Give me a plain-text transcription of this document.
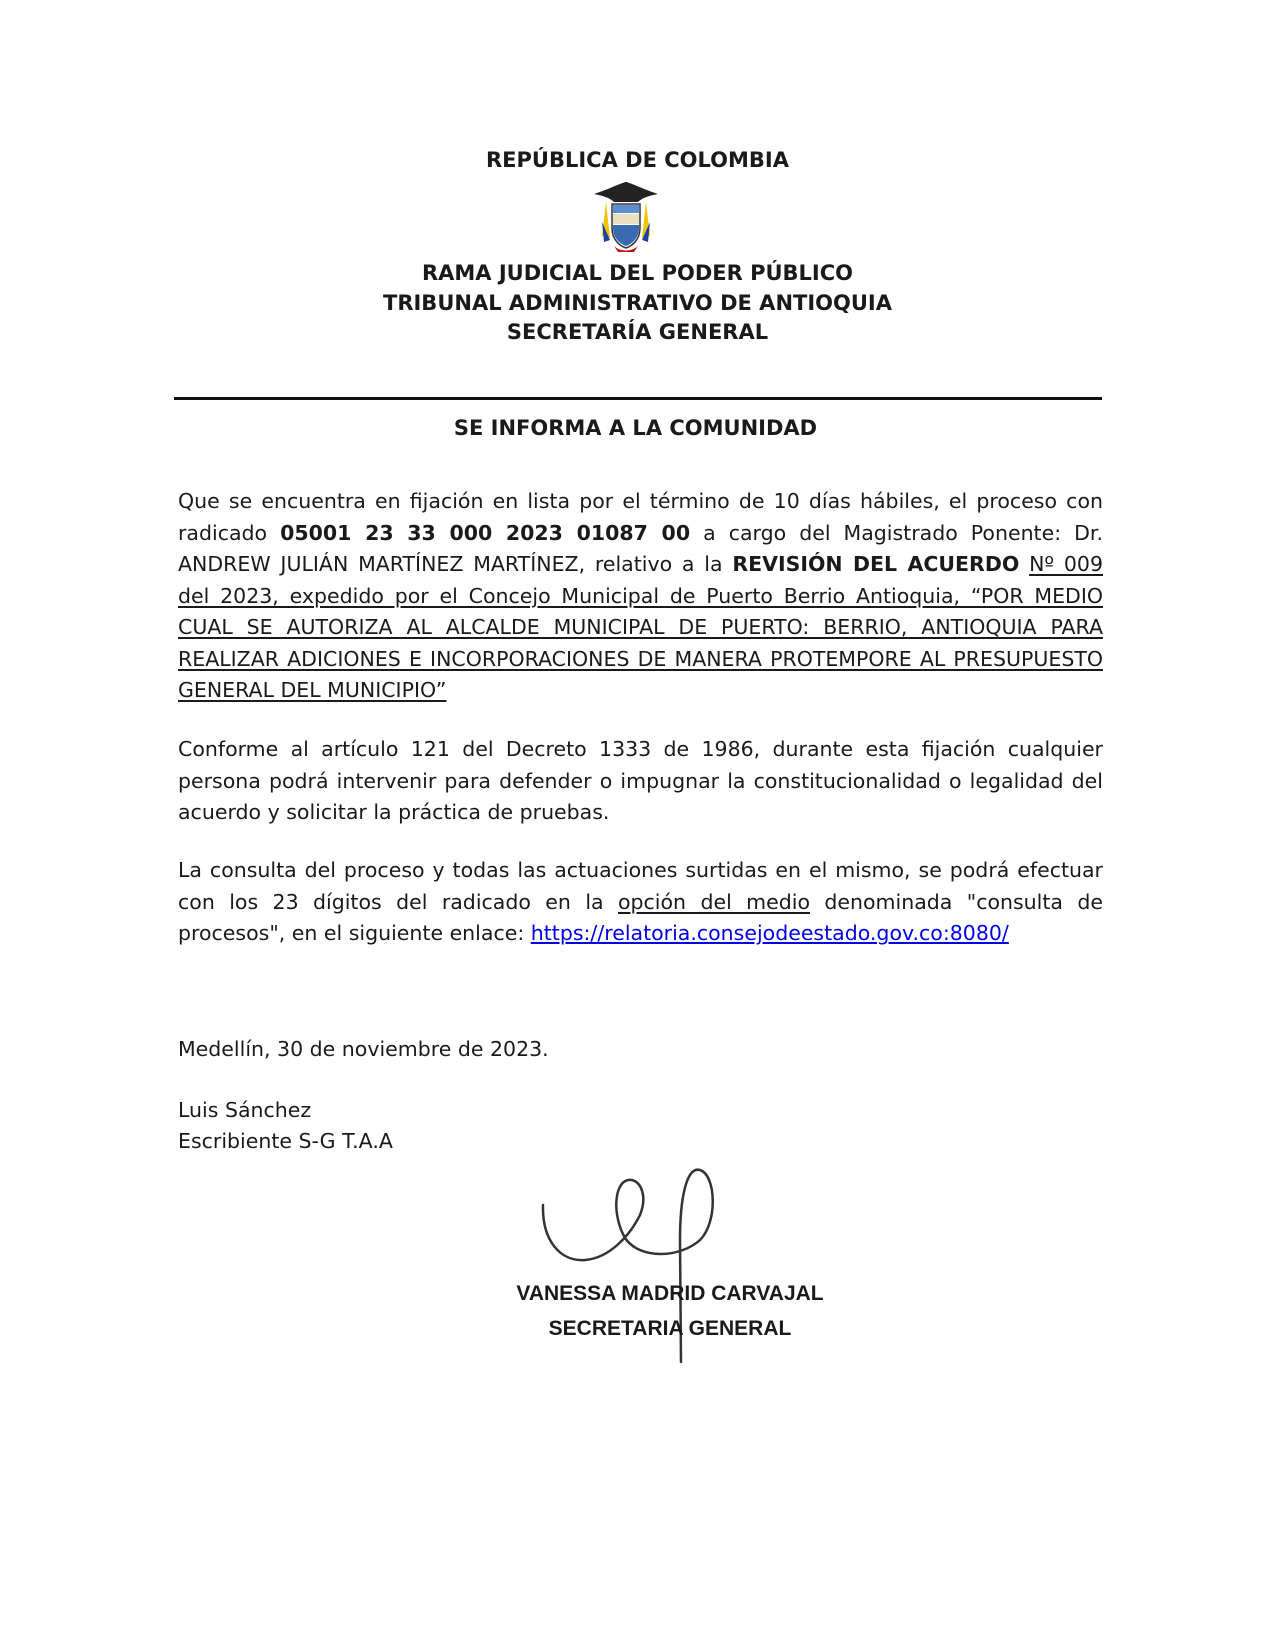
REPÚBLICA DE COLOMBIA
RAMA JUDICIAL DEL PODER PÚBLICO
TRIBUNAL ADMINISTRATIVO DE ANTIOQUIA
SECRETARÍA GENERAL
SE INFORMA A LA COMUNIDAD
Que se encuentra en fijación en lista por el término de 10 días hábiles, el proceso con radicado 05001 23 33 000 2023 01087 00 a cargo del Magistrado Ponente: Dr. ANDREW JULIÁN MARTÍNEZ MARTÍNEZ, relativo a la REVISIÓN DEL ACUERDO Nº 009 del 2023, expedido por el Concejo Municipal de Puerto Berrio Antioquia, “POR MEDIO CUAL SE AUTORIZA AL ALCALDE MUNICIPAL DE PUERTO: BERRIO, ANTIOQUIA PARA REALIZAR ADICIONES E INCORPORACIONES DE MANERA PROTEMPORE AL PRESUPUESTO GENERAL DEL MUNICIPIO”
Conforme al artículo 121 del Decreto 1333 de 1986, durante esta fijación cualquier persona podrá intervenir para defender o impugnar la constitucionalidad o legalidad del acuerdo y solicitar la práctica de pruebas.
La consulta del proceso y todas las actuaciones surtidas en el mismo, se podrá efectuar con los 23 dígitos del radicado en la opción del medio denominada "consulta de procesos", en el siguiente enlace: https://relatoria.consejodeestado.gov.co:8080/
Medellín, 30 de noviembre de 2023.
Luis Sánchez
Escribiente S-G T.A.A
VANESSA MADRID CARVAJAL
SECRETARIA GENERAL
